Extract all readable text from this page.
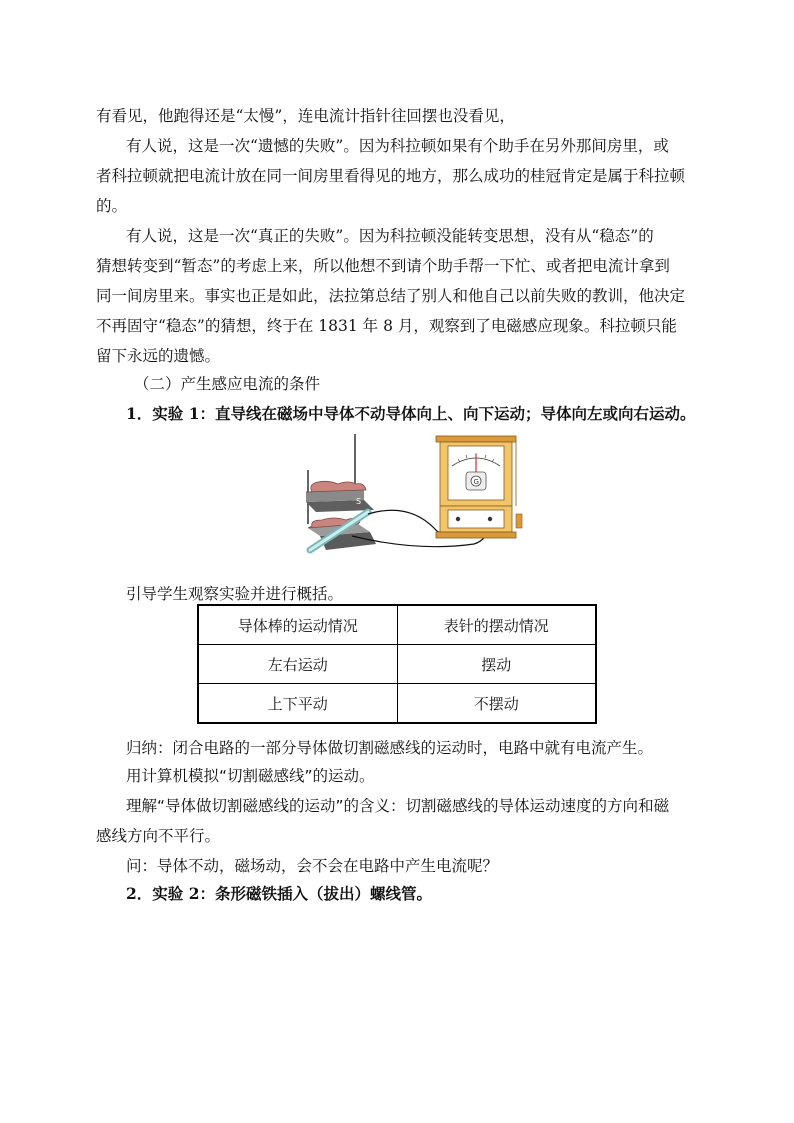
有看见，他跑得还是“太慢”，连电流计指针往回摆也没看见，
有人说，这是一次“遗憾的失败”。因为科拉顿如果有个助手在另外那间房里，或
者科拉顿就把电流计放在同一间房里看得见的地方，那么成功的桂冠肯定是属于科拉顿
的。
有人说，这是一次“真正的失败”。因为科拉顿没能转变思想，没有从“稳态”的
猜想转变到“暂态”的考虑上来，所以他想不到请个助手帮一下忙、或者把电流计拿到
同一间房里来。事实也正是如此，法拉第总结了别人和他自己以前失败的教训，他决定
不再固守“稳态”的猜想，终于在 1831 年 8 月，观察到了电磁感应现象。科拉顿只能
留下永远的遗憾。
（二）产生感应电流的条件
1．实验 1：直导线在磁场中导体不动导体向上、向下运动；导体向左或向右运动。
S
G
引导学生观察实验并进行概括。
导体棒的运动情况	表针的摆动情况
左右运动	摆动
上下平动	不摆动
归纳：闭合电路的一部分导体做切割磁感线的运动时，电路中就有电流产生。
用计算机模拟“切割磁感线”的运动。
理解“导体做切割磁感线的运动”的含义：切割磁感线的导体运动速度的方向和磁
感线方向不平行。
问：导体不动，磁场动，会不会在电路中产生电流呢？
2．实验 2：条形磁铁插入（拔出）螺线管。
